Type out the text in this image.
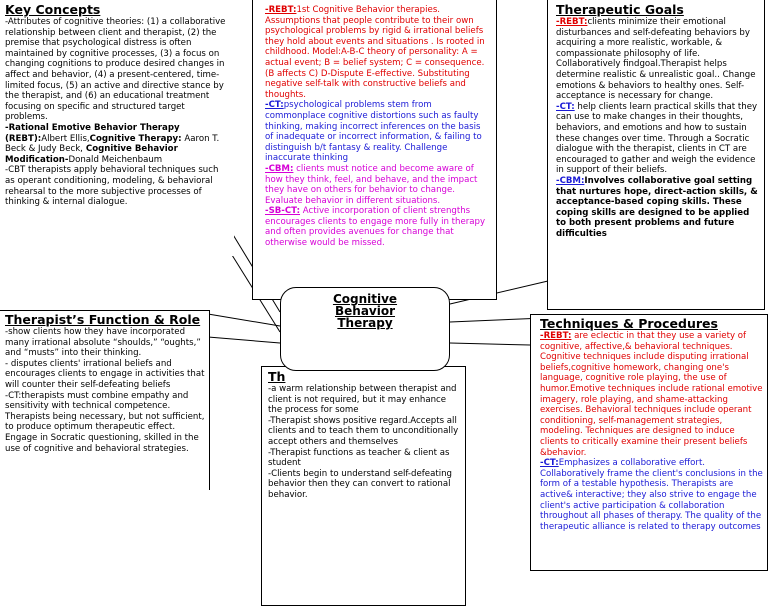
Key Concepts

-Attributes of cognitive theories: (1) a collaborative relationship between client and therapist, (2) the premise that psychological distress is often maintained by cognitive processes, (3) a focus on changing cognitions to produce desired changes in affect and behavior, (4) a present-centered, time-limited focus, (5) an active and directive stance by the therapist, and (6) an educational treatment focusing on specific and structured target problems.

-Rational Emotive Behavior Therapy (REBT):Albert Ellis,Cognitive Therapy: Aaron T. Beck & Judy Beck, Cognitive Behavior Modification-Donald Meichenbaum

-CBT therapists apply behavioral techniques such as operant conditioning, modeling, & behavioral rehearsal to the more subjective processes of thinking & internal dialogue.

-REBT:1st Cognitive Behavior therapies. Assumptions that people contribute to their own psychological problems by rigid & irrational beliefs they hold about events and situations . Is rooted in childhood. Model:A-B-C theory of personality: A = actual event; B = belief system; C = consequence. (B affects C) D-Dispute E-effective. Substituting negative self-talk with constructive beliefs and thoughts.

-CT:psychological problems stem from commonplace cognitive distortions such as faulty thinking, making incorrect inferences on the basis of inadequate or incorrect information, & failing to distinguish b/t fantasy & reality. Challenge inaccurate thinking

-CBM: clients must notice and become aware of how they think, feel, and behave, and the impact they have on others for behavior to change. Evaluate behavior in different situations.

-SB-CT: Active incorporation of client strengths encourages clients to engage more fully in therapy and often provides avenues for change that otherwise would be missed.

Therapeutic Goals

-REBT:clients minimize their emotional disturbances and self-defeating behaviors by acquiring a more realistic, workable, & compassionate philosophy of life. Collaboratively findgoal.Therapist helps determine realistic & unrealistic goal.. Change emotions & behaviors to healthy ones. Self-acceptance is necessary for change.

-CT: help clients learn practical skills that they can use to make changes in their thoughts, behaviors, and emotions and how to sustain these changes over time. Through a Socratic dialogue with the therapist, clients in CT are encouraged to gather and weigh the evidence in support of their beliefs.

-CBM:Involves collaborative goal setting that nurtures hope, direct-action skills, & acceptance-based coping skills. These coping skills are designed to be applied to both present problems and future difficulties

Therapist’s Function & Role

-show clients how they have incorporated many irrational absolute “shoulds,” “oughts,” and “musts” into their thinking.

- disputes clients' irrational beliefs and encourages clients to engage in activities that will counter their self-defeating beliefs

-CT:therapists must combine empathy and sensitivity with technical competence. Therapists being necessary, but not sufficient, to produce optimum therapeutic effect. Engage in Socratic questioning, skilled in the use of cognitive and behavioral strategies.

Th

-a warm relationship between therapist and client is not required, but it may enhance the process for some

-Therapist shows positive regard.Accepts all clients and to teach them to unconditionally accept others and themselves

-Therapist functions as teacher & client as student

-Clients begin to understand self-defeating behavior then they can convert to rational behavior.

Techniques & Procedures

-REBT: are eclectic in that they use a variety of cognitive, affective,& behavioral techniques. Cognitive techniques include disputing irrational beliefs,cognitive homework, changing one's language, cognitive role playing, the use of humor.Emotive techniques include rational emotive imagery, role playing, and shame-attacking exercises. Behavioral techniques include operant conditioning, self-management strategies, modeling. Techniques are designed to induce clients to critically examine their present beliefs &behavior.

-CT:Emphasizes a collaborative effort. Collaboratively frame the client's conclusions in the form of a testable hypothesis. Therapists are active& interactive; they also strive to engage the client's active participation & collaboration throughout all phases of therapy. The quality of the therapeutic alliance is related to therapy outcomes

Cognitive
Behavior
Therapy
